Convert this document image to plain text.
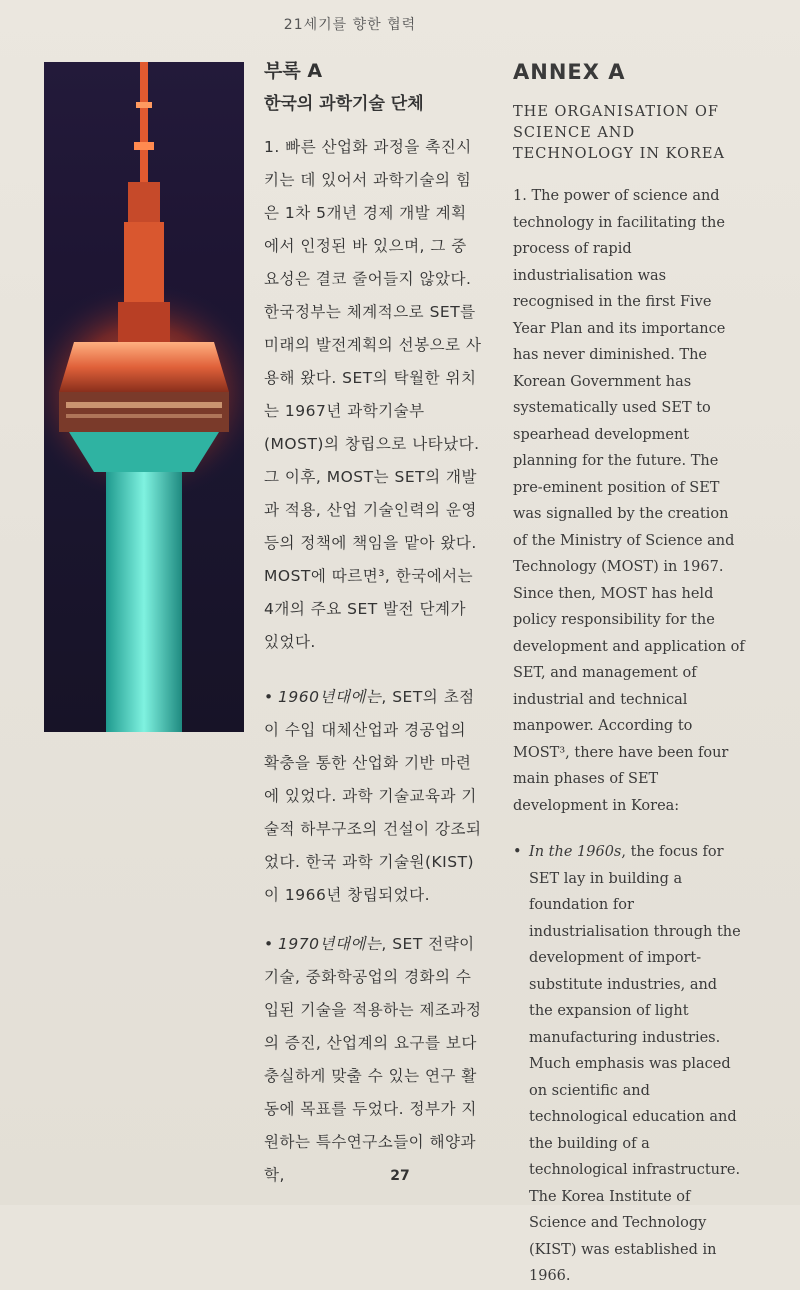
21세기를 향한 협력
부록 A
한국의 과학기술 단체

1. 빠른 산업화 과정을 촉진시키는 데 있어서 과학기술의 힘은 1차 5개년 경제 개발 계획에서 인정된 바 있으며, 그 중요성은 결코 줄어들지 않았다. 한국정부는 체계적으로 SET를 미래의 발전계획의 선봉으로 사용해 왔다. SET의 탁월한 위치는 1967년 과학기술부(MOST)의 창립으로 나타났다. 그 이후, MOST는 SET의 개발과 적용, 산업 기술인력의 운영 등의 정책에 책임을 맡아 왔다. MOST에 따르면³, 한국에서는 4개의 주요 SET 발전 단계가 있었다.

• 1960년대에는, SET의 초점이 수입 대체산업과 경공업의 확충을 통한 산업화 기반 마련에 있었다. 과학 기술교육과 기술적 하부구조의 건설이 강조되었다. 한국 과학 기술원(KIST)이 1966년 창립되었다.
• 1970년대에는, SET 전략이 기술, 중화학공업의 경화의 수입된 기술을 적용하는 제조과정의 증진, 산업계의 요구를 보다 충실하게 맞출 수 있는 연구 활동에 목표를 두었다. 정부가 지원하는 특수연구소들이 해양과학,
ANNEX A
THE ORGANISATION OF SCIENCE AND TECHNOLOGY IN KOREA

1. The power of science and technology in facilitating the process of rapid industrialisation was recognised in the first Five Year Plan and its importance has never diminished. The Korean Government has systematically used SET to spearhead development planning for the future. The pre-eminent position of SET was signalled by the creation of the Ministry of Science and Technology (MOST) in 1967. Since then, MOST has held policy responsibility for the development and application of SET, and management of industrial and technical manpower. According to MOST³, there have been four main phases of SET development in Korea:

• In the 1960s, the focus for SET lay in building a foundation for industrialisation through the development of import-substitute industries, and the expansion of light manufacturing industries. Much emphasis was placed on scientific and technological education and the building of a technological infrastructure. The Korea Institute of Science and Technology (KIST) was established in 1966.
27
